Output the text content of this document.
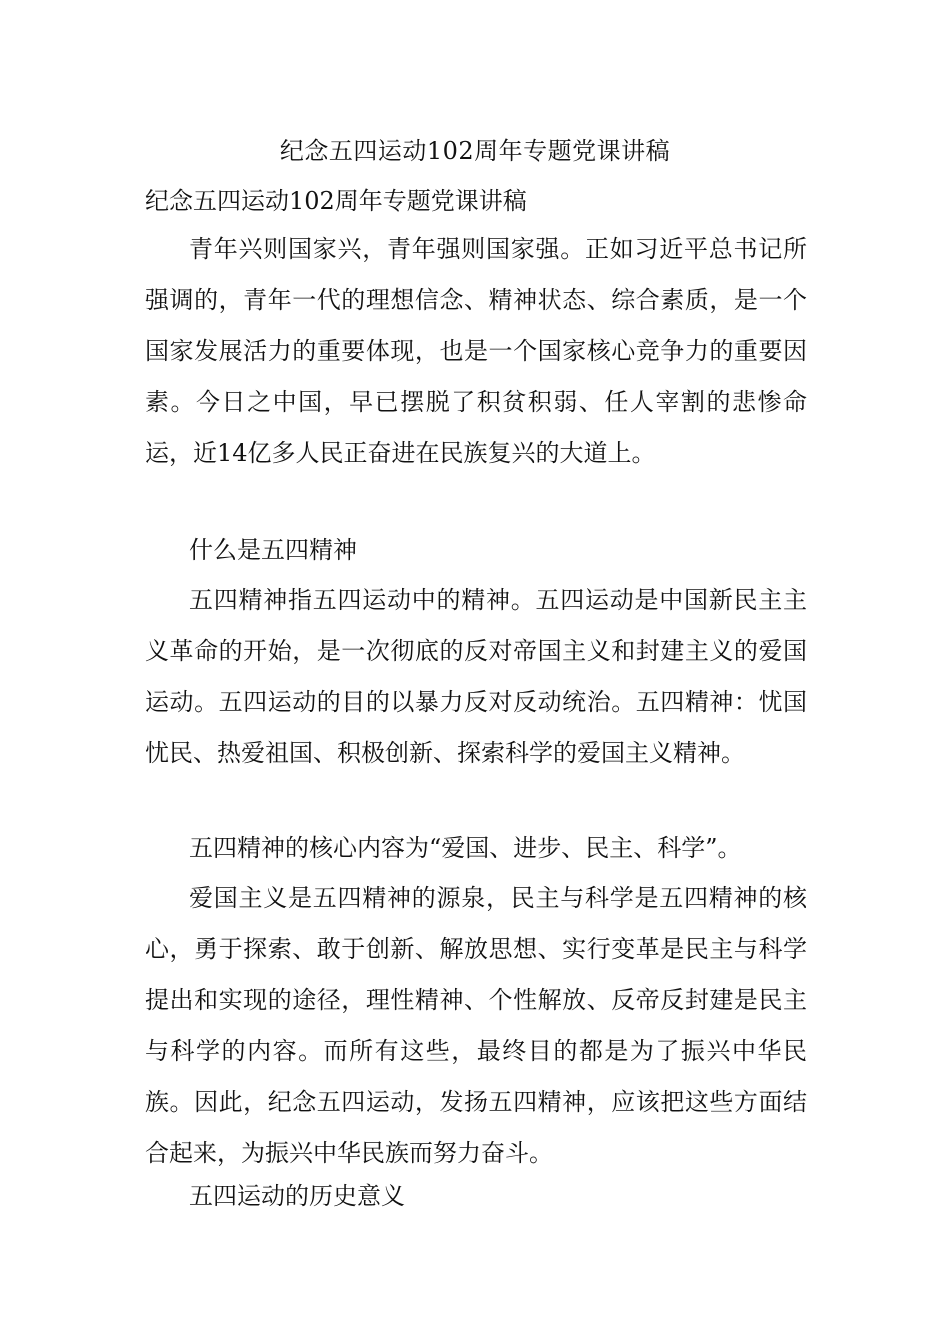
纪念五四运动102周年专题党课讲稿
纪念五四运动102周年专题党课讲稿

青年兴则国家兴，青年强则国家强。正如习近平总书记所强调的，青年一代的理想信念、精神状态、综合素质，是一个国家发展活力的重要体现，也是一个国家核心竞争力的重要因素。今日之中国，早已摆脱了积贫积弱、任人宰割的悲惨命运，近14亿多人民正奋进在民族复兴的大道上。

什么是五四精神

五四精神指五四运动中的精神。五四运动是中国新民主主义革命的开始，是一次彻底的反对帝国主义和封建主义的爱国运动。五四运动的目的以暴力反对反动统治。五四精神：忧国忧民、热爱祖国、积极创新、探索科学的爱国主义精神。

五四精神的核心内容为“爱国、进步、民主、科学”。

爱国主义是五四精神的源泉，民主与科学是五四精神的核心，勇于探索、敢于创新、解放思想、实行变革是民主与科学提出和实现的途径，理性精神、个性解放、反帝反封建是民主与科学的内容。而所有这些，最终目的都是为了振兴中华民族。因此，纪念五四运动，发扬五四精神，应该把这些方面结合起来，为振兴中华民族而努力奋斗。

五四运动的历史意义
